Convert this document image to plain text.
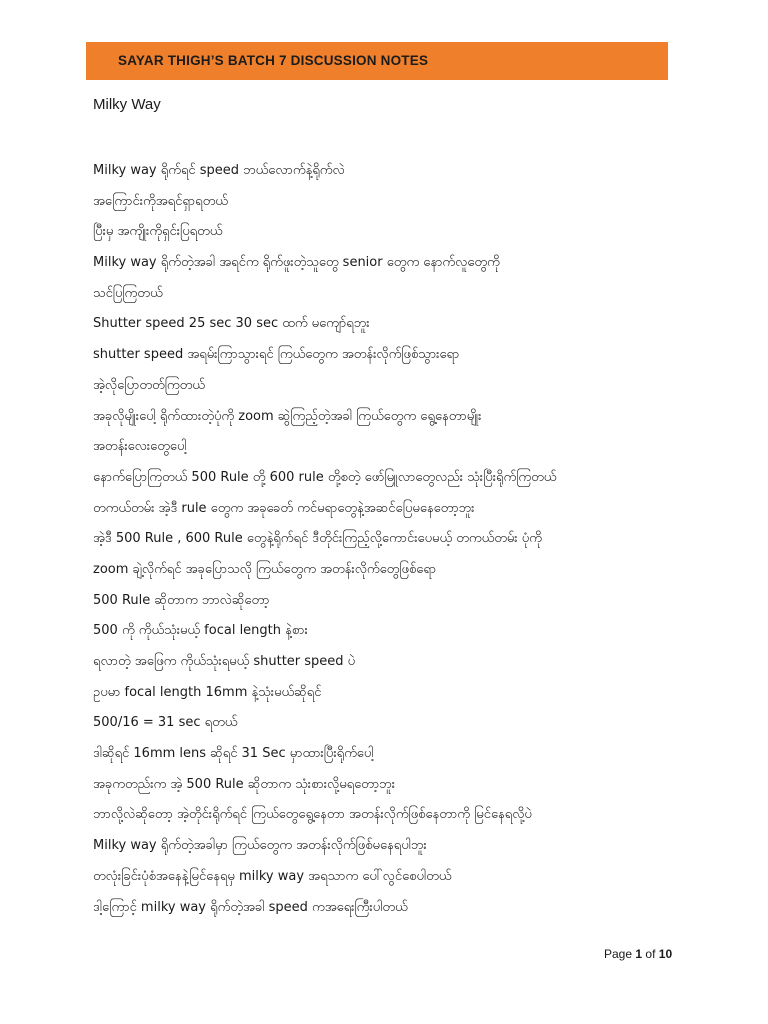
SAYAR THIGH’S BATCH 7 DISCUSSION NOTES
Milky Way
Milky way ရိုက်ရင် speed ဘယ်လောက်နဲ့ရိုက်လဲ
အကြောင်းကိုအရင်ရှာရတယ်
ပြီးမှ အကျိုးကိုရှင်းပြရတယ်
Milky way ရိုက်တဲ့အခါ အရင်က ရိုက်ဖူးတဲ့သူတွေ senior တွေက နောက်လူတွေကို
သင်ပြကြတယ်
Shutter speed 25 sec 30 sec ထက် မကျော်ရဘူး
shutter speed အရမ်းကြာသွားရင် ကြယ်တွေက အတန်းလိုက်ဖြစ်သွားရော
အဲ့လိုပြောတတ်ကြတယ်
အခုလိုမျိုးပေါ့ ရိုက်ထားတဲ့ပုံကို zoom ဆွဲကြည့်တဲ့အခါ ကြယ်တွေက ရွေ့နေတာမျိုး
အတန်းလေးတွေပေါ့
နောက်ပြောကြတယ် 500 Rule တို့ 600 rule တို့စတဲ့ ဖော်မြူလာတွေလည်း သုံးပြီးရိုက်ကြတယ်
တကယ်တမ်း အဲ့ဒီ rule တွေက အခုခေတ် ကင်မရာတွေနဲ့အဆင်ပြေမနေတော့ဘူး
အဲ့ဒီ 500 Rule , 600 Rule တွေနဲ့ရိုက်ရင် ဒီတိုင်းကြည့်လို့ကောင်းပေမယ့် တကယ်တမ်း ပုံကို
zoom ချဲ့လိုက်ရင် အခုပြောသလို ကြယ်တွေက အတန်းလိုက်တွေဖြစ်ရော
500 Rule ဆိုတာက ဘာလဲဆိုတော့
500 ကို ကိုယ်သုံးမယ့် focal length နဲ့စား
ရလာတဲ့ အဖြေက ကိုယ်သုံးရမယ့် shutter speed ပဲ
ဥပမာ focal length 16mm နဲ့သုံးမယ်ဆိုရင်
500/16 = 31 sec ရတယ်
ဒါဆိုရင် 16mm lens ဆိုရင် 31 Sec မှာထားပြီးရိုက်ပေါ့
အခုကတည်းက အဲ့ 500 Rule ဆိုတာက သုံးစားလို့မရတော့ဘူး
ဘာလို့လဲဆိုတော့ အဲ့တိုင်းရိုက်ရင် ကြယ်တွေရွေ့နေတာ အတန်းလိုက်ဖြစ်နေတာကို မြင်နေရလို့ပဲ
Milky way ရိုက်တဲ့အခါမှာ ကြယ်တွေက အတန်းလိုက်ဖြစ်မနေရပါဘူး
တလုံးခြင်းပုံစံအနေနဲ့မြင်နေရမှ milky way အရသာက ပေါ်လွင်စေပါတယ်
ဒါ့ကြောင့် milky way ရိုက်တဲ့အခါ speed ကအရေးကြီးပါတယ်
Page 1 of 10
